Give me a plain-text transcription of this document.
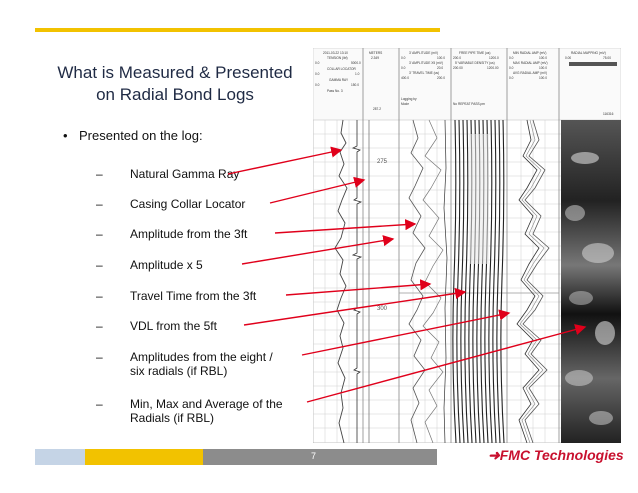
What is Measured & Presented
on Radial Bond Logs
• Presented on the log:
– Natural Gamma Ray
– Casing Collar Locator
– Amplitude from the 3ft
– Amplitude x 5
– Travel Time from the 3ft
– VDL from the 5ft
– Amplitudes from the eight /
six radials (if RBL)
– Min, Max and Average of the
Radials (if RBL)
2011-03-22 13:10
TENSION (lbf)
0.0	5000.0
COLLAR LOCATOR
0.0	1.0
GAMMA RAY
0.0	150.0
Pass No. 3
METERS
2.349
287.2
3' AMPLITUDE (mV)
0.0	100.0
3' AMPLITUDE X5 (mV)
0.0	20.0
3' TRAVEL TIME (us)
400.0	200.0
FREE PIPE TIME (us)
200.0	1200.0
5' VARIABLE DENSITY (us)
200.00	1200.00
MIN RADIAL AMP (mV)
0.0	100.0
MAX RADIAL AMP (mV)
0.0	100.0
AVG RADIAL AMP (mV)
0.0	100.0
RADIAL MAPPING (mV)
0.00	75.00
Logging by
Mode	No REPEAT PASS.pm
116316
275
300
7	➜FMC Technologies
